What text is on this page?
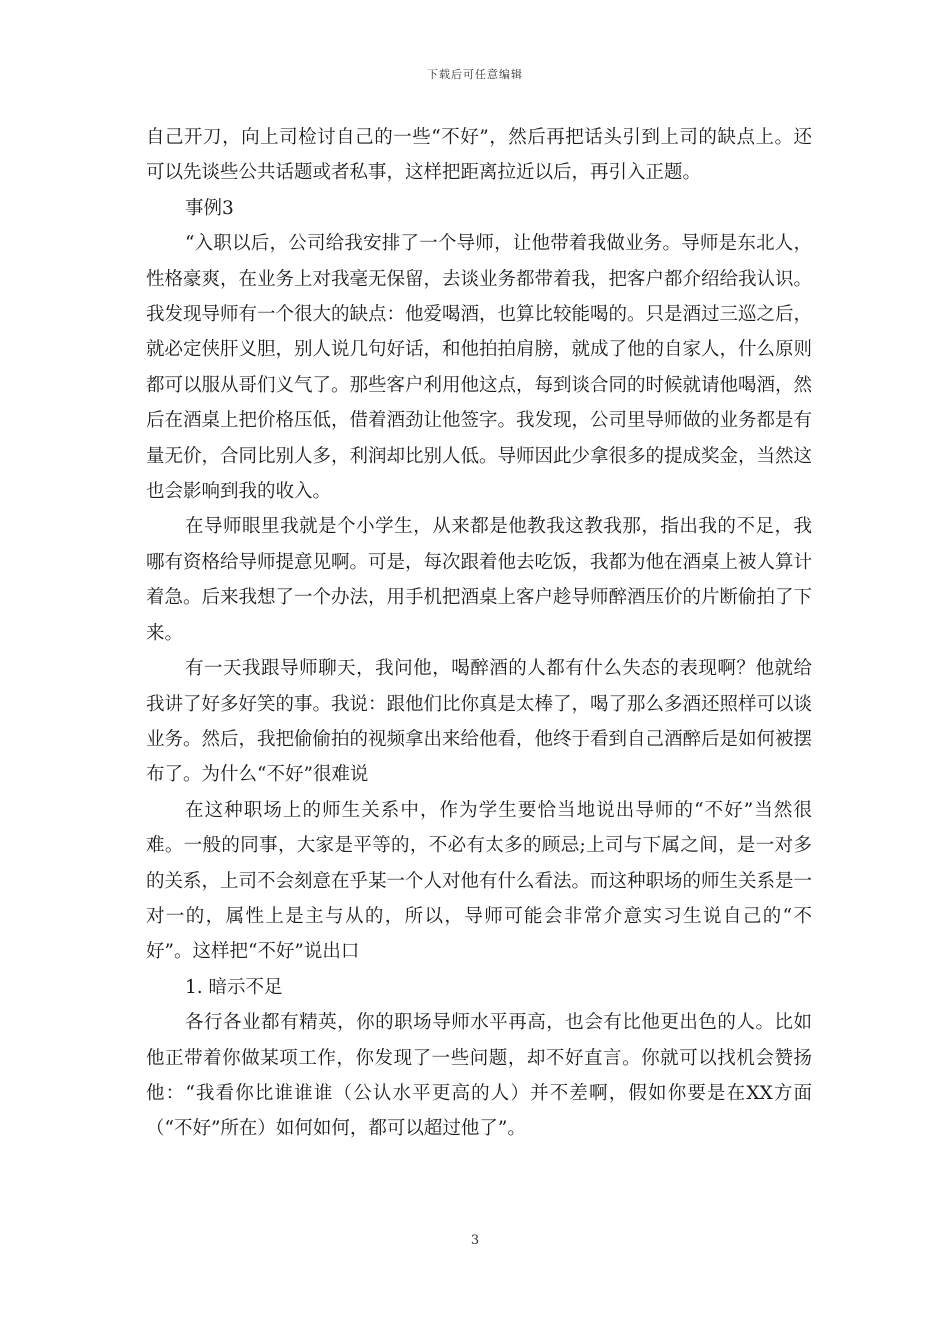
下载后可任意编辑

自己开刀，向上司检讨自己的一些“不好”，然后再把话头引到上司的缺点上。还可以先谈些公共话题或者私事，这样把距离拉近以后，再引入正题。

事例3

“入职以后，公司给我安排了一个导师，让他带着我做业务。导师是东北人，性格豪爽，在业务上对我毫无保留，去谈业务都带着我，把客户都介绍给我认识。我发现导师有一个很大的缺点：他爱喝酒，也算比较能喝的。只是酒过三巡之后，就必定侠肝义胆，别人说几句好话，和他拍拍肩膀，就成了他的自家人，什么原则都可以服从哥们义气了。那些客户利用他这点，每到谈合同的时候就请他喝酒，然后在酒桌上把价格压低，借着酒劲让他签字。我发现，公司里导师做的业务都是有量无价，合同比别人多，利润却比别人低。导师因此少拿很多的提成奖金，当然这也会影响到我的收入。

在导师眼里我就是个小学生，从来都是他教我这教我那，指出我的不足，我哪有资格给导师提意见啊。可是，每次跟着他去吃饭，我都为他在酒桌上被人算计着急。后来我想了一个办法，用手机把酒桌上客户趁导师醉酒压价的片断偷拍了下来。

有一天我跟导师聊天，我问他，喝醉酒的人都有什么失态的表现啊？他就给我讲了好多好笑的事。我说：跟他们比你真是太棒了，喝了那么多酒还照样可以谈业务。然后，我把偷偷拍的视频拿出来给他看，他终于看到自己酒醉后是如何被摆布了。为什么“不好”很难说

在这种职场上的师生关系中，作为学生要恰当地说出导师的“不好”当然很难。一般的同事，大家是平等的，不必有太多的顾忌;上司与下属之间，是一对多的关系，上司不会刻意在乎某一个人对他有什么看法。而这种职场的师生关系是一对一的，属性上是主与从的，所以，导师可能会非常介意实习生说自己的“不好”。这样把“不好”说出口

1. 暗示不足

各行各业都有精英，你的职场导师水平再高，也会有比他更出色的人。比如他正带着你做某项工作，你发现了一些问题，却不好直言。你就可以找机会赞扬他：“我看你比谁谁谁（公认水平更高的人）并不差啊，假如你要是在XX方面（“不好”所在）如何如何，都可以超过他了”。

3
